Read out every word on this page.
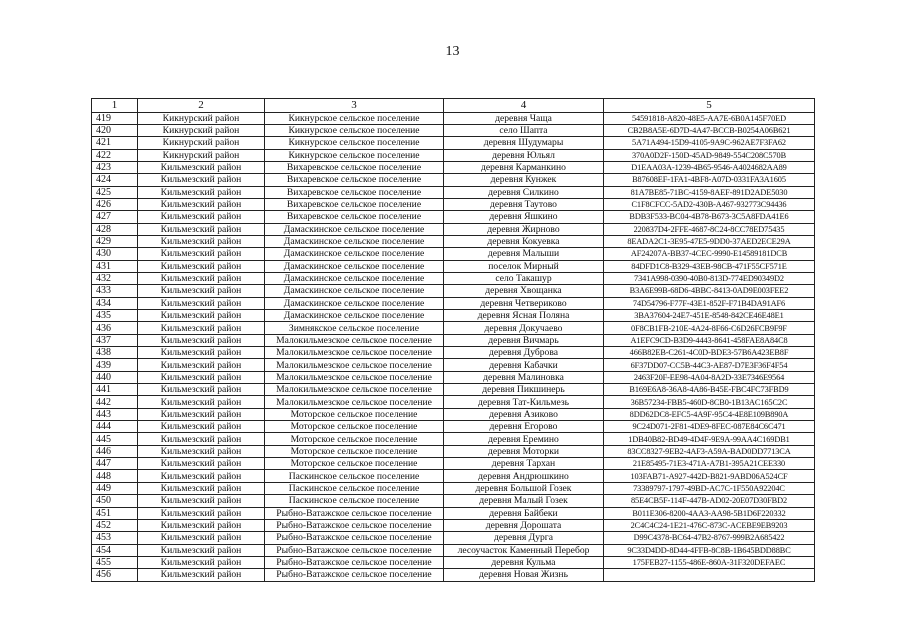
13
1	2	3	4	5
419	Кикнурский район	Кикнурское сельское поселение	деревня Чаща	54591818-A820-48E5-AA7E-6B0A145F70ED
420	Кикнурский район	Кикнурское сельское поселение	село Шапта	CB2B8A5E-6D7D-4A47-BCCB-B0254A06B621
421	Кикнурский район	Кикнурское сельское поселение	деревня Шудумары	5A71A494-15D9-4105-9A9C-962AE7F3FA62
422	Кикнурский район	Кикнурское сельское поселение	деревня Юльял	370A0D2F-150D-45AD-9849-554C208C570B
423	Кильмезский район	Вихаревское сельское поселение	деревня Карманкино	D1EAA03A-1239-4B65-9546-A4024682AA89
424	Кильмезский район	Вихаревское сельское поселение	деревня Кунжек	B87608EF-1FA1-4BF8-A07D-0331FA3A1605
425	Кильмезский район	Вихаревское сельское поселение	деревня Силкино	81A7BE85-71BC-4159-8AEF-891D2ADE5030
426	Кильмезский район	Вихаревское сельское поселение	деревня Таутово	C1F8CFCC-5AD2-430B-A467-932773C94436
427	Кильмезский район	Вихаревское сельское поселение	деревня Яшкино	BDB3F533-BC04-4B78-B673-3C5A8FDA41E6
428	Кильмезский район	Дамаскинское сельское поселение	деревня Жирново	220837D4-2FFE-4687-8C24-8CC78ED75435
429	Кильмезский район	Дамаскинское сельское поселение	деревня Кокуевка	8EADA2C1-3E95-47E5-9DD0-37AED2ECE29A
430	Кильмезский район	Дамаскинское сельское поселение	деревня Малыши	AF24207A-BB37-4CEC-9990-E14589181DCB
431	Кильмезский район	Дамаскинское сельское поселение	поселок Мирный	84DFD1C8-B329-43EB-98CB-471F55CF571E
432	Кильмезский район	Дамаскинское сельское поселение	село Такашур	7341A998-0390-40B0-813D-774ED90349D2
433	Кильмезский район	Дамаскинское сельское поселение	деревня Хвощанка	B3A6E99B-68D6-4BBC-8413-0AD9E003FEE2
434	Кильмезский район	Дамаскинское сельское поселение	деревня Четвериково	74D54796-F77F-43E1-852F-F71B4DA91AF6
435	Кильмезский район	Дамаскинское сельское поселение	деревня Ясная Поляна	3BA37604-24E7-451E-8548-842CE46E48E1
436	Кильмезский район	Зимнякское сельское поселение	деревня Докучаево	0F8CB1FB-210E-4A24-8F66-C6D26FCB9F9F
437	Кильмезский район	Малокильмезское сельское поселение	деревня Вичмарь	A1EFC9CD-B3D9-4443-8641-458FAE8A84C8
438	Кильмезский район	Малокильмезское сельское поселение	деревня Дуброва	466B82EB-C261-4C0D-BDE3-57B6A423EB8F
439	Кильмезский район	Малокильмезское сельское поселение	деревня Кабачки	6F37DD07-CC5B-44C3-AE87-D7E3F36F4F54
440	Кильмезский район	Малокильмезское сельское поселение	деревня Малиновка	2463F20F-EE98-4A04-8A2D-33E7346E9564
441	Кильмезский район	Малокильмезское сельское поселение	деревня Пикшинерь	B169E6A8-36A8-4A86-B45E-FBC4FC73FBD9
442	Кильмезский район	Малокильмезское сельское поселение	деревня Тат-Кильмезь	36B57234-FBB5-460D-8CB0-1B13AC165C2C
443	Кильмезский район	Моторское сельское поселение	деревня Азиково	8DD62DC8-EFC5-4A9F-95C4-4E8E109B890A
444	Кильмезский район	Моторское сельское поселение	деревня Егорово	9C24D071-2F81-4DE9-8FEC-087E84C6C471
445	Кильмезский район	Моторское сельское поселение	деревня Еремино	1DB40B82-BD49-4D4F-9E9A-99AA4C169DB1
446	Кильмезский район	Моторское сельское поселение	деревня Моторки	83CC8327-9EB2-4AF3-A59A-BAD0DD7713CA
447	Кильмезский район	Моторское сельское поселение	деревня Тархан	21E85495-71E3-471A-A7B1-395A21CEE330
448	Кильмезский район	Паскинское сельское поселение	деревня Андрюшкино	103FAB71-A927-442D-B821-9ABD06A524CF
449	Кильмезский район	Паскинское сельское поселение	деревня Большой Гозек	73389797-1797-49BD-AC7C-1F550A92204C
450	Кильмезский район	Паскинское сельское поселение	деревня Малый Гозек	85E4CB5F-114F-447B-AD02-20E07D30FBD2
451	Кильмезский район	Рыбно-Ватажское сельское поселение	деревня Байбеки	B011E306-8200-4AA3-AA98-5B1D6F220332
452	Кильмезский район	Рыбно-Ватажское сельское поселение	деревня Дорошата	2C4C4C24-1E21-476C-873C-ACEBE9EB9203
453	Кильмезский район	Рыбно-Ватажское сельское поселение	деревня Дурга	D99C4378-BC64-47B2-8767-999B2A685422
454	Кильмезский район	Рыбно-Ватажское сельское поселение	лесоучасток Каменный Перебор	9C33D4DD-8D44-4FFB-8C8B-1B645BDD88BC
455	Кильмезский район	Рыбно-Ватажское сельское поселение	деревня Кульма	175FEB27-1155-486E-860A-31F320DEFAEC
456	Кильмезский район	Рыбно-Ватажское сельское поселение	деревня Новая Жизнь	
